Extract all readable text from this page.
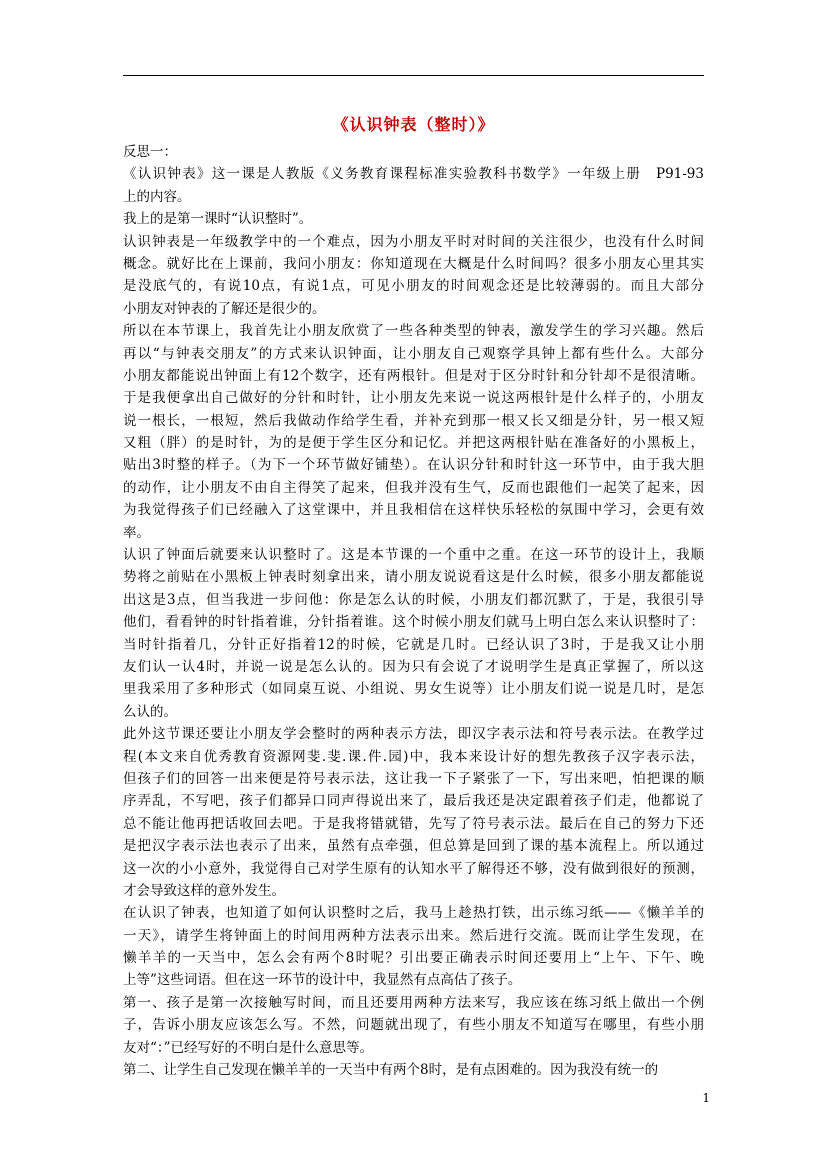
《认识钟表（整时）》
反思一：
《认识钟表》这一课是人教版《义务教育课程标准实验教科书数学》一年级上册　P91-93
上的内容。
我上的是第一课时“认识整时”。
认识钟表是一年级教学中的一个难点，因为小朋友平时对时间的关注很少，也没有什么时间
概念。就好比在上课前，我问小朋友：你知道现在大概是什么时间吗？很多小朋友心里其实
是没底气的，有说10点，有说1点，可见小朋友的时间观念还是比较薄弱的。而且大部分
小朋友对钟表的了解还是很少的。
所以在本节课上，我首先让小朋友欣赏了一些各种类型的钟表，激发学生的学习兴趣。然后
再以“与钟表交朋友”的方式来认识钟面，让小朋友自己观察学具钟上都有些什么。大部分
小朋友都能说出钟面上有12个数字，还有两根针。但是对于区分时针和分针却不是很清晰。
于是我便拿出自己做好的分针和时针，让小朋友先来说一说这两根针是什么样子的，小朋友
说一根长，一根短，然后我做动作给学生看，并补充到那一根又长又细是分针，另一根又短
又粗（胖）的是时针，为的是便于学生区分和记忆。并把这两根针贴在准备好的小黑板上，
贴出3时整的样子。（为下一个环节做好铺垫）。在认识分针和时针这一环节中，由于我大胆
的动作，让小朋友不由自主得笑了起来，但我并没有生气，反而也跟他们一起笑了起来，因
为我觉得孩子们已经融入了这堂课中，并且我相信在这样快乐轻松的氛围中学习，会更有效
率。
认识了钟面后就要来认识整时了。这是本节课的一个重中之重。在这一环节的设计上，我顺
势将之前贴在小黑板上钟表时刻拿出来，请小朋友说说看这是什么时候，很多小朋友都能说
出这是3点，但当我进一步问他：你是怎么认的时候，小朋友们都沉默了，于是，我很引导
他们，看看钟的时针指着谁，分针指着谁。这个时候小朋友们就马上明白怎么来认识整时了：
当时针指着几，分针正好指着12的时候，它就是几时。已经认识了3时，于是我又让小朋
友们认一认4时，并说一说是怎么认的。因为只有会说了才说明学生是真正掌握了，所以这
里我采用了多种形式（如同桌互说、小组说、男女生说等）让小朋友们说一说是几时，是怎
么认的。
此外这节课还要让小朋友学会整时的两种表示方法，即汉字表示法和符号表示法。在教学过
程(本文来自优秀教育资源网斐.斐.课.件.园)中，我本来设计好的想先教孩子汉字表示法，
但孩子们的回答一出来便是符号表示法，这让我一下子紧张了一下，写出来吧，怕把课的顺
序弄乱，不写吧，孩子们都异口同声得说出来了，最后我还是决定跟着孩子们走，他都说了
总不能让他再把话收回去吧。于是我将错就错，先写了符号表示法。最后在自己的努力下还
是把汉字表示法也表示了出来，虽然有点牵强，但总算是回到了课的基本流程上。所以通过
这一次的小小意外，我觉得自己对学生原有的认知水平了解得还不够，没有做到很好的预测，
才会导致这样的意外发生。
在认识了钟表，也知道了如何认识整时之后，我马上趁热打铁，出示练习纸——《懒羊羊的
一天》，请学生将钟面上的时间用两种方法表示出来。然后进行交流。既而让学生发现，在
懒羊羊的一天当中，怎么会有两个8时呢？引出要正确表示时间还要用上“上午、下午、晚
上等”这些词语。但在这一环节的设计中，我显然有点高估了孩子。
第一、孩子是第一次接触写时间，而且还要用两种方法来写，我应该在练习纸上做出一个例
子，告诉小朋友应该怎么写。不然，问题就出现了，有些小朋友不知道写在哪里，有些小朋
友对“：”已经写好的不明白是什么意思等。
第二、让学生自己发现在懒羊羊的一天当中有两个8时，是有点困难的。因为我没有统一的
1
